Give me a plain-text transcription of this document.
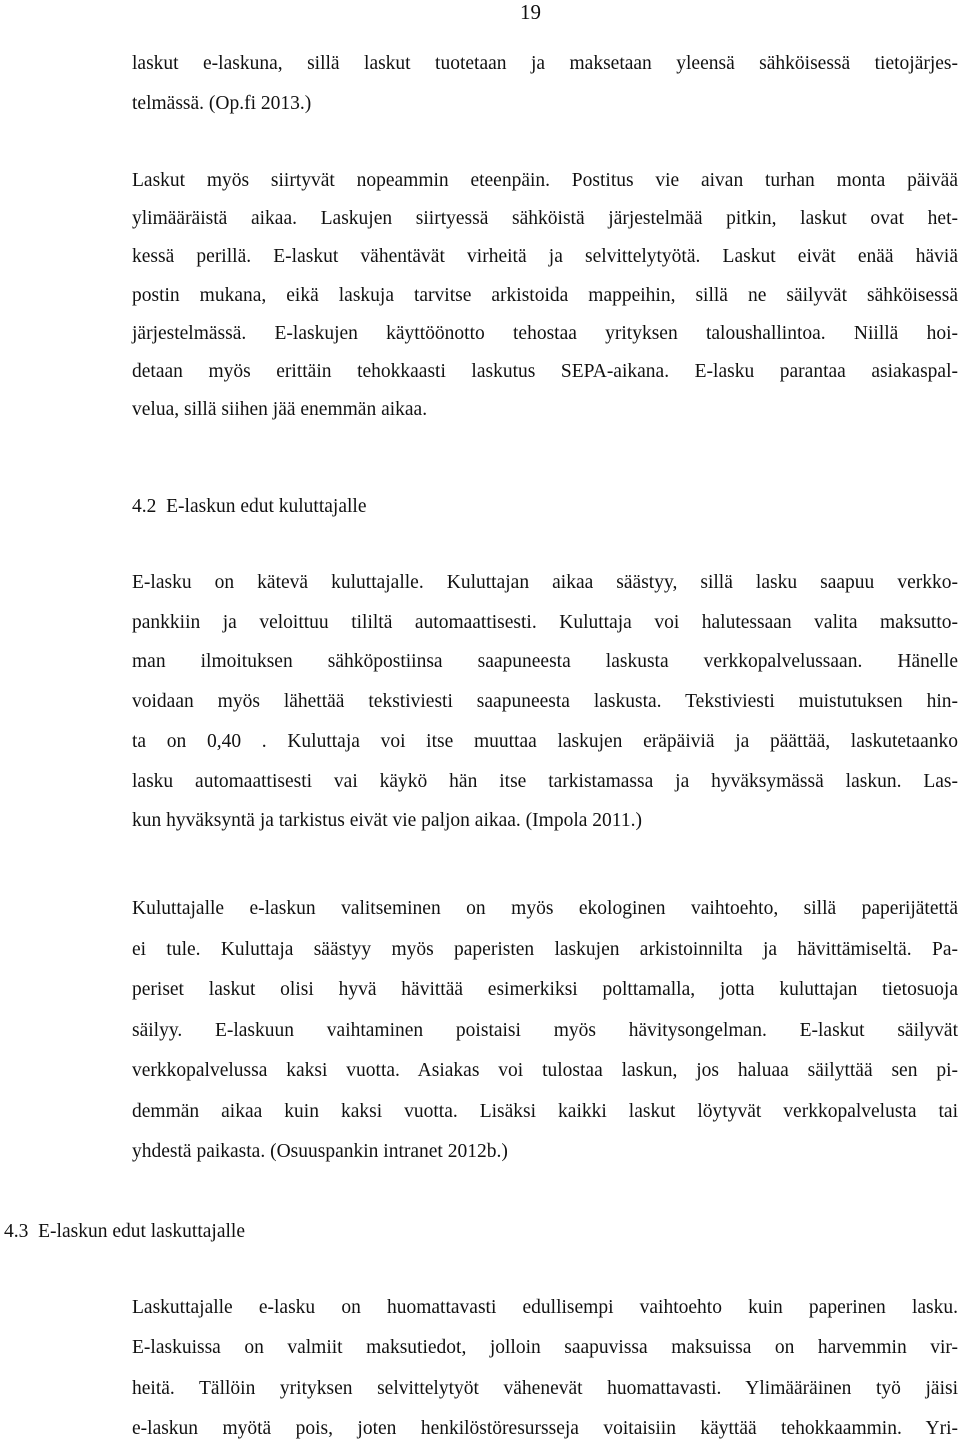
19
laskut e-laskuna, sillä laskut tuotetaan ja maksetaan yleensä sähköisessä tietojärjes-
telmässä. (Op.fi 2013.)
Laskut myös siirtyvät nopeammin eteenpäin. Postitus vie aivan turhan monta päivää
ylimääräistä aikaa. Laskujen siirtyessä sähköistä järjestelmää pitkin, laskut ovat het-
kessä perillä. E-laskut vähentävät virheitä ja selvittelytyötä. Laskut eivät enää häviä
postin mukana, eikä laskuja tarvitse arkistoida mappeihin, sillä ne säilyvät sähköisessä
järjestelmässä. E-laskujen käyttöönotto tehostaa yrityksen taloushallintoa. Niillä hoi-
detaan myös erittäin tehokkaasti laskutus SEPA-aikana. E-lasku parantaa asiakaspal-
velua, sillä siihen jää enemmän aikaa.
4.2  E-laskun edut kuluttajalle
E-lasku on kätevä kuluttajalle. Kuluttajan aikaa säästyy, sillä lasku saapuu verkko-
pankkiin ja veloittuu tililtä automaattisesti. Kuluttaja voi halutessaan valita maksutto-
man ilmoituksen sähköpostiinsa saapuneesta laskusta verkkopalvelussaan. Hänelle
voidaan myös lähettää tekstiviesti saapuneesta laskusta. Tekstiviesti muistutuksen hin-
ta on 0,40 . Kuluttaja voi itse muuttaa laskujen eräpäiviä ja päättää, laskutetaanko
lasku automaattisesti vai käykö hän itse tarkistamassa ja hyväksymässä laskun. Las-
kun hyväksyntä ja tarkistus eivät vie paljon aikaa. (Impola 2011.)
Kuluttajalle e-laskun valitseminen on myös ekologinen vaihtoehto, sillä paperijätettä
ei tule. Kuluttaja säästyy myös paperisten laskujen arkistoinnilta ja hävittämiseltä. Pa-
periset laskut olisi hyvä hävittää esimerkiksi polttamalla, jotta kuluttajan tietosuoja
säilyy. E-laskuun vaihtaminen poistaisi myös hävitysongelman. E-laskut säilyvät
verkkopalvelussa kaksi vuotta. Asiakas voi tulostaa laskun, jos haluaa säilyttää sen pi-
demmän aikaa kuin kaksi vuotta. Lisäksi kaikki laskut löytyvät verkkopalvelusta tai
yhdestä paikasta. (Osuuspankin intranet 2012b.)
4.3  E-laskun edut laskuttajalle
Laskuttajalle e-lasku on huomattavasti edullisempi vaihtoehto kuin paperinen lasku.
E-laskuissa on valmiit maksutiedot, jolloin saapuvissa maksuissa on harvemmin vir-
heitä. Tällöin yrityksen selvittelytyöt vähenevät huomattavasti. Ylimääräinen työ jäisi
e-laskun myötä pois, joten henkilöstöresursseja voitaisiin käyttää tehokkaammin. Yri-
